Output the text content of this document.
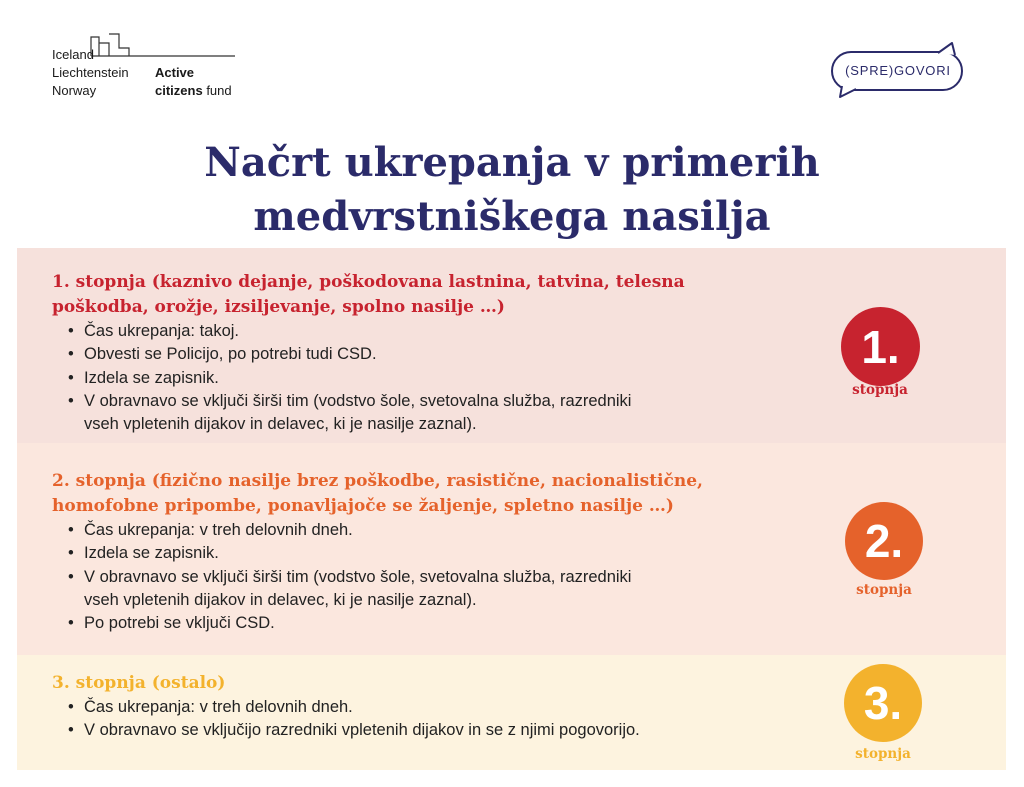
Iceland
Liechtenstein
Norway
Active
citizens fund
(SPRE)GOVORI
Načrt ukrepanja v primerih
medvrstniškega nasilja
1. stopnja (kaznivo dejanje, poškodovana lastnina, tatvina, telesna
poškodba, orožje, izsiljevanje, spolno nasilje …)
• Čas ukrepanja: takoj.
• Obvesti se Policijo, po potrebi tudi CSD.
• Izdela se zapisnik.
• V obravnavo se vključi širši tim (vodstvo šole, svetovalna služba, razredniki
vseh vpletenih dijakov in delavec, ki je nasilje zaznal).
2. stopnja (fizično nasilje brez poškodbe, rasistične, nacionalistične,
homofobne pripombe, ponavljajoče se žaljenje, spletno nasilje …)
• Čas ukrepanja: v treh delovnih dneh.
• Izdela se zapisnik.
• V obravnavo se vključi širši tim (vodstvo šole, svetovalna služba, razredniki
vseh vpletenih dijakov in delavec, ki je nasilje zaznal).
• Po potrebi se vključi CSD.
3. stopnja (ostalo)
• Čas ukrepanja: v treh delovnih dneh.
• V obravnavo se vključijo razredniki vpletenih dijakov in se z njimi pogovorijo.
1.
stopnja
2.
stopnja
3.
stopnja
